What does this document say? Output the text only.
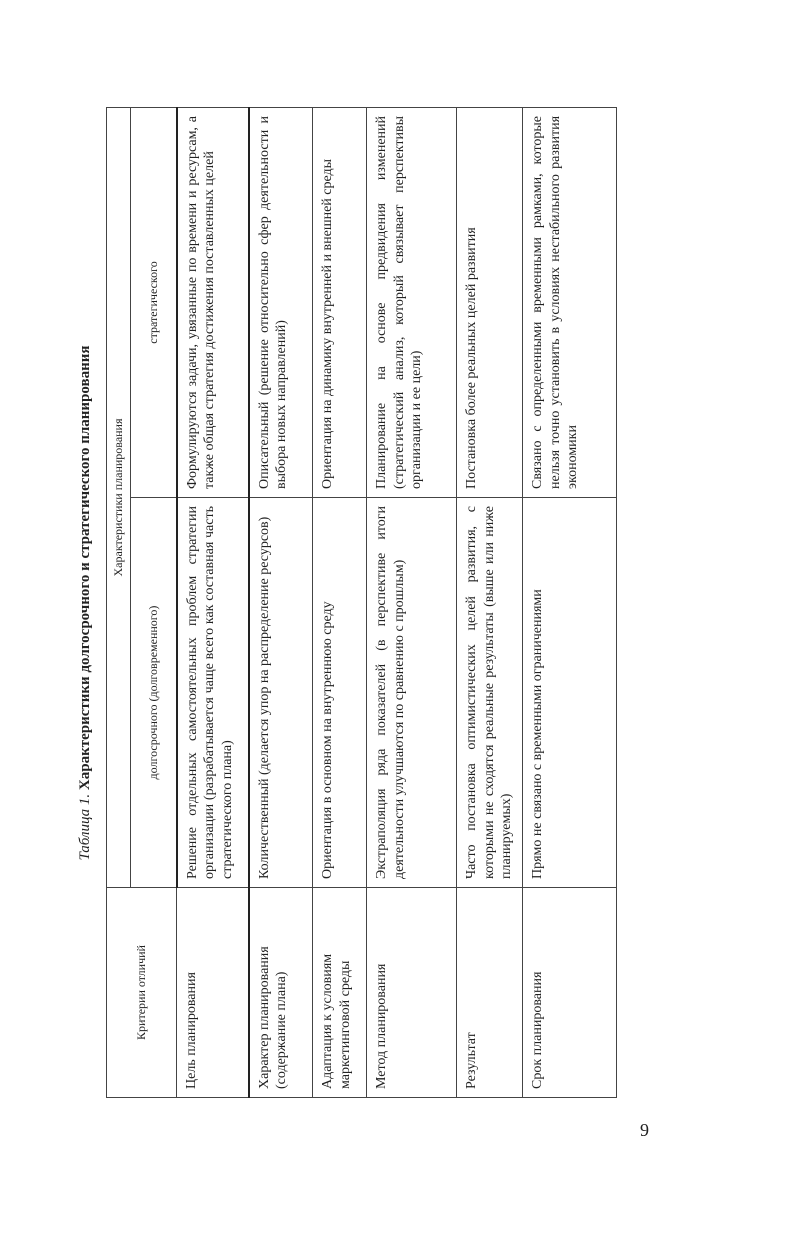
Таблица 1. Характеристики долгосрочного и стратегического планирования
Критерии отличий	Характеристики планирования	
	долгосрочного (долговременного)	стратегического
Цель планирования	Решение отдельных самостоятельных проблем стратегии организации (разрабатывается чаще всего как составная часть стратегического плана)	Формулируются задачи, увязанные по времени и ресурсам, а также общая стратегия достижения поставленных целей
Характер планирования (содержание плана)	Количественный (делается упор на распределение ресурсов)	Описательный (решение относительно сфер деятельности и выбора новых направлений)
Адаптация к условиям маркетинговой среды	Ориентация в основном на внутреннюю среду	Ориентация на динамику внутренней и внешней среды
Метод планирования	Экстраполяция ряда показателей (в перспективе итоги деятельности улучшаются по сравнению с прошлым)	Планирование на основе предвидения изменений (стратегический анализ, который связывает перспективы организации и ее цели)
Результат	Часто постановка оптимистических целей развития, с которыми не сходятся реальные результаты (выше или ниже планируемых)	Постановка более реальных целей развития
Срок планирования	Прямо не связано с временными ограничениями	Связано с определенными временными рамками, которые нельзя точно установить в условиях нестабильного развития экономики
9
